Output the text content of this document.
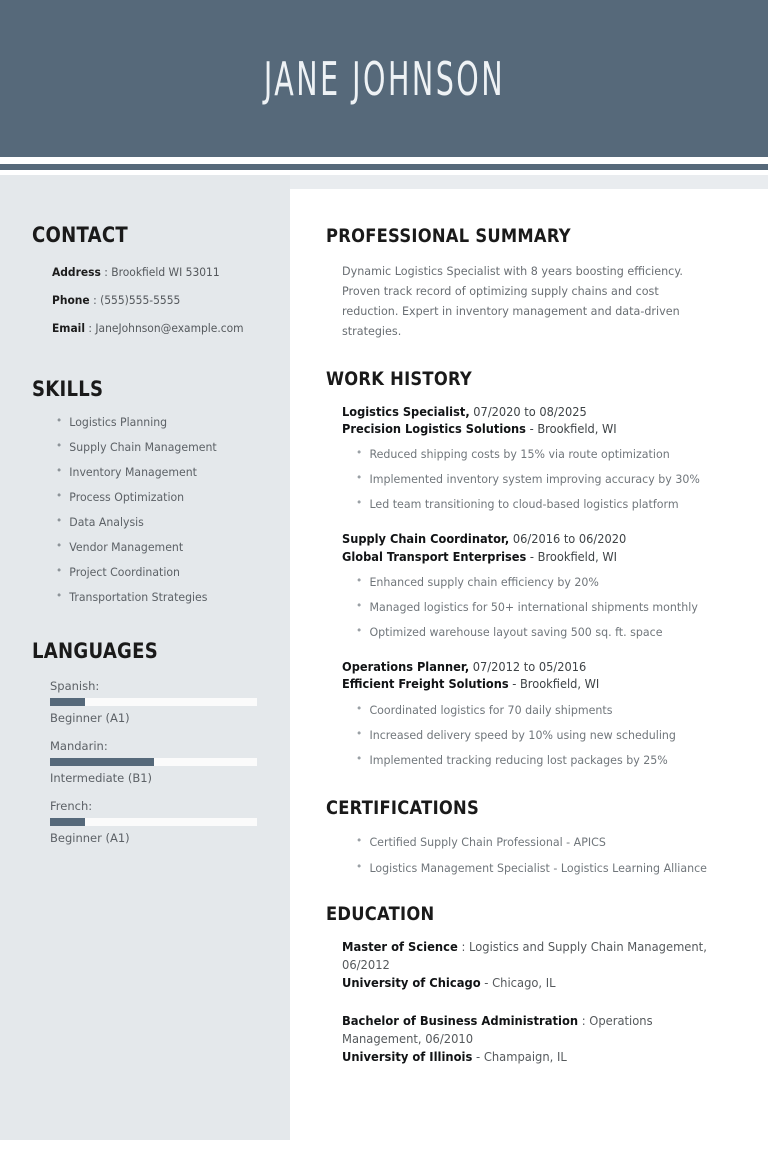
JANE JOHNSON
CONTACT
Address : Brookfield WI 53011
Phone : (555)555-5555
Email : JaneJohnson@example.com
SKILLS
• Logistics Planning
• Supply Chain Management
• Inventory Management
• Process Optimization
• Data Analysis
• Vendor Management
• Project Coordination
• Transportation Strategies
LANGUAGES
Spanish:
Beginner (A1)
Mandarin:
Intermediate (B1)
French:
Beginner (A1)
PROFESSIONAL SUMMARY
Dynamic Logistics Specialist with 8 years boosting efficiency. Proven track record of optimizing supply chains and cost reduction. Expert in inventory management and data-driven strategies.
WORK HISTORY
Logistics Specialist, 07/2020 to 08/2025
Precision Logistics Solutions - Brookfield, WI
• Reduced shipping costs by 15% via route optimization
• Implemented inventory system improving accuracy by 30%
• Led team transitioning to cloud-based logistics platform
Supply Chain Coordinator, 06/2016 to 06/2020
Global Transport Enterprises - Brookfield, WI
• Enhanced supply chain efficiency by 20%
• Managed logistics for 50+ international shipments monthly
• Optimized warehouse layout saving 500 sq. ft. space
Operations Planner, 07/2012 to 05/2016
Efficient Freight Solutions - Brookfield, WI
• Coordinated logistics for 70 daily shipments
• Increased delivery speed by 10% using new scheduling
• Implemented tracking reducing lost packages by 25%
CERTIFICATIONS
• Certified Supply Chain Professional - APICS
• Logistics Management Specialist - Logistics Learning Alliance
EDUCATION
Master of Science : Logistics and Supply Chain Management, 06/2012
University of Chicago - Chicago, IL
Bachelor of Business Administration : Operations Management, 06/2010
University of Illinois - Champaign, IL
